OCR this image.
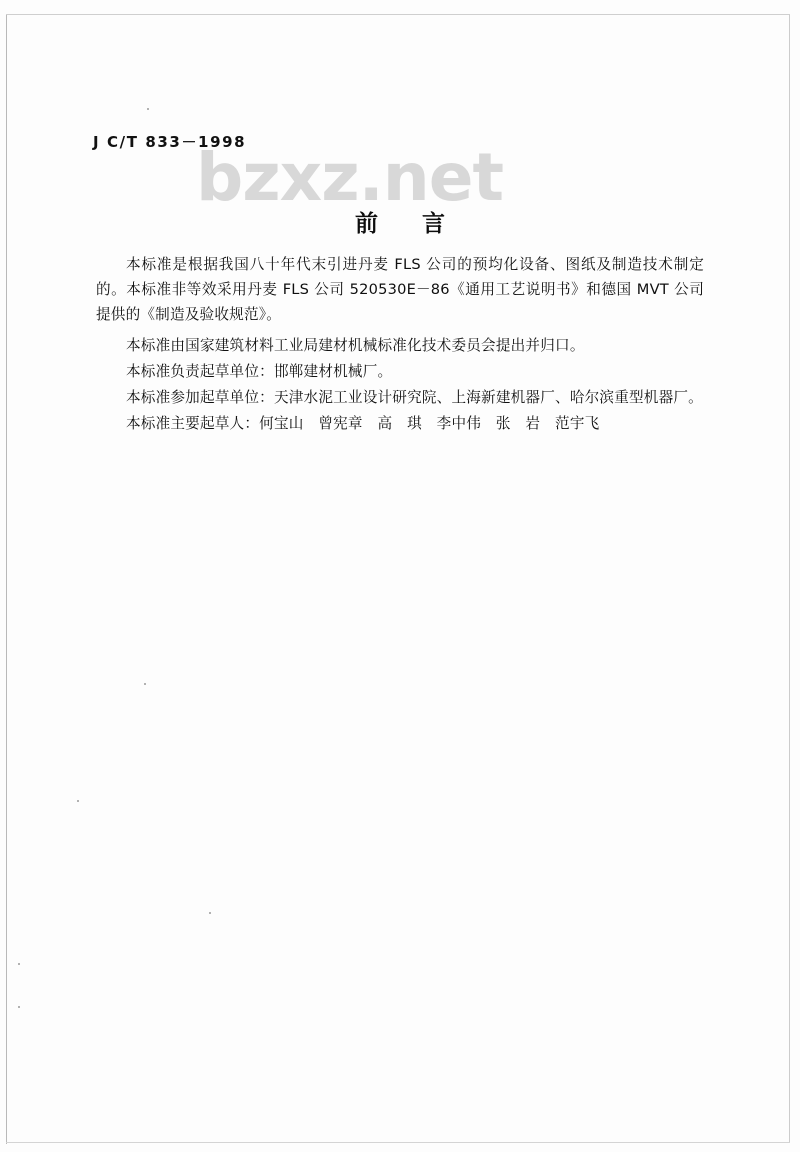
J C/T 833－1998
bzxz.net
前 言

本标准是根据我国八十年代末引进丹麦 FLS 公司的预均化设备、图纸及制造技术制定的。本标准非等效采用丹麦 FLS 公司 520530E－86《通用工艺说明书》和德国 MVT 公司提供的《制造及验收规范》。

本标准由国家建筑材料工业局建材机械标准化技术委员会提出并归口。

本标准负责起草单位：邯郸建材机械厂。

本标准参加起草单位：天津水泥工业设计研究院、上海新建机器厂、哈尔滨重型机器厂。

本标准主要起草人：何宝山　曾宪章　高　琪　李中伟　张　岩　范宇飞
